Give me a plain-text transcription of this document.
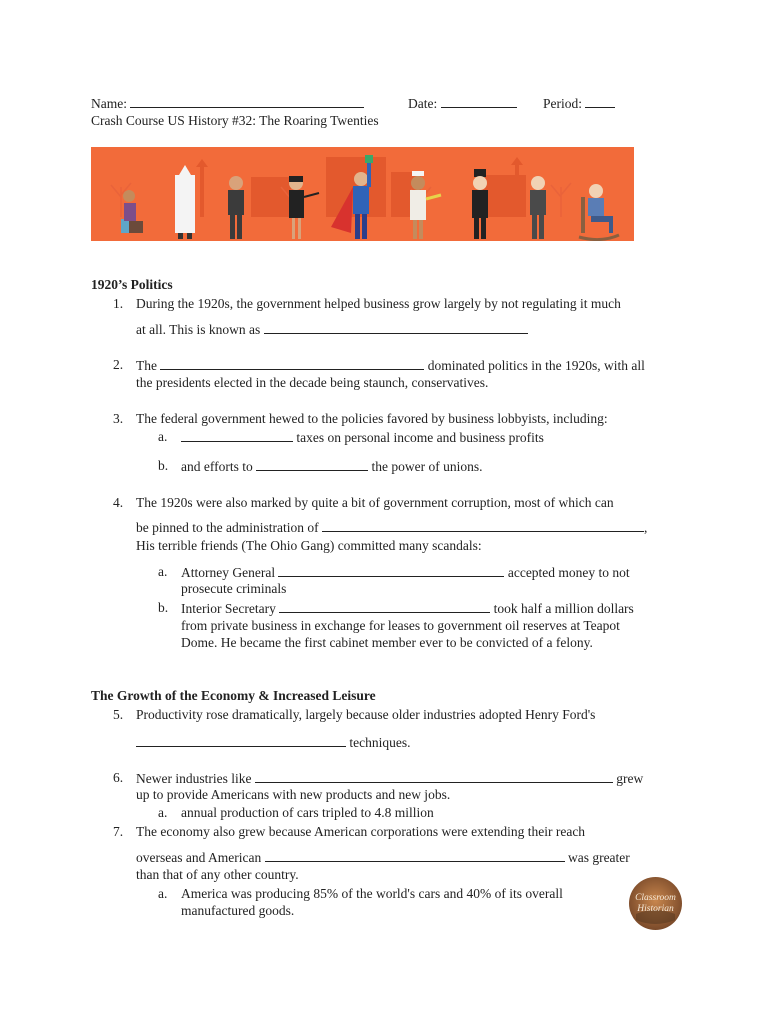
Name:	Date:	Period:
Crash Course US History #32: The Roaring Twenties
1920’s Politics
1. During the 1920s, the government helped business grow largely by not regulating it much
at all. This is known as
2. The	dominated politics in the 1920s, with all
the presidents elected in the decade being staunch, conservatives.
3. The federal government hewed to the policies favored by business lobbyists, including:
a.	taxes on personal income and business profits
b. and efforts to	the power of unions.
4. The 1920s were also marked by quite a bit of government corruption, most of which can
be pinned to the administration of	,
His terrible friends (The Ohio Gang) committed many scandals:
a. Attorney General	accepted money to not
prosecute criminals
b. Interior Secretary	took half a million dollars
from private business in exchange for leases to government oil reserves at Teapot
Dome. He became the first cabinet member ever to be convicted of a felony.
The Growth of the Economy & Increased Leisure
5. Productivity rose dramatically, largely because older industries adopted Henry Ford's
techniques.
6. Newer industries like	grew
up to provide Americans with new products and new jobs.
a. annual production of cars tripled to 4.8 million
7. The economy also grew because American corporations were extending their reach
overseas and American	was greater
than that of any other country.
a. America was producing 85% of the world's cars and 40% of its overall
manufactured goods.
Classroom
Historian
